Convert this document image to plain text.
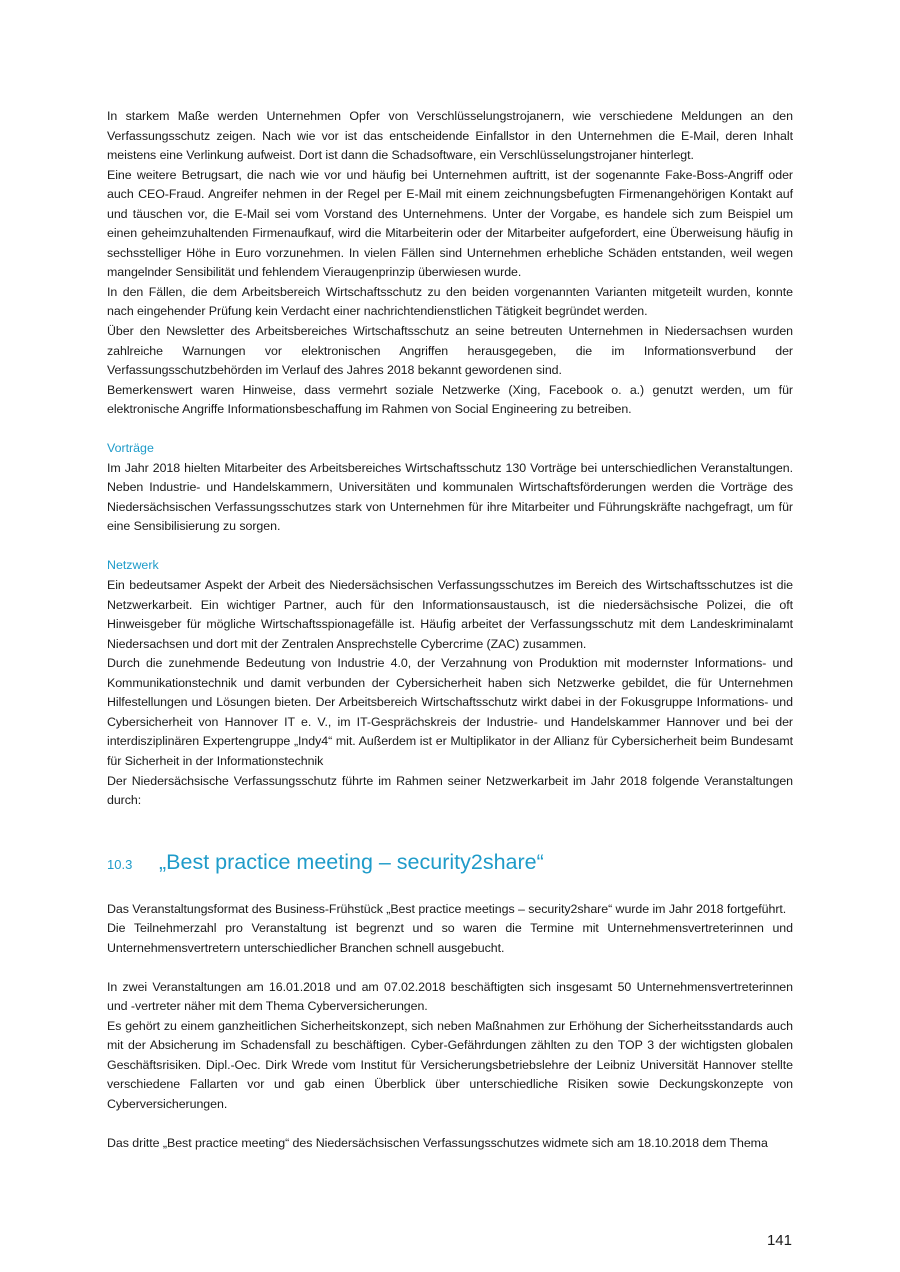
In starkem Maße werden Unternehmen Opfer von Verschlüsselungstrojanern, wie verschiedene Meldungen an den Verfassungsschutz zeigen. Nach wie vor ist das entscheidende Einfallstor in den Unternehmen die E-Mail, deren Inhalt meistens eine Verlinkung aufweist. Dort ist dann die Schadsoftware, ein Verschlüsselungstrojaner hinterlegt.

Eine weitere Betrugsart, die nach wie vor und häufig bei Unternehmen auftritt, ist der sogenannte Fake-Boss-Angriff oder auch CEO-Fraud. Angreifer nehmen in der Regel per E-Mail mit einem zeichnungsbefugten Firmenangehörigen Kontakt auf und täuschen vor, die E-Mail sei vom Vorstand des Unternehmens. Unter der Vorgabe, es handele sich zum Beispiel um einen geheimzuhaltenden Firmenaufkauf, wird die Mitarbeiterin oder der Mitarbeiter aufgefordert, eine Überweisung häufig in sechsstelliger Höhe in Euro vorzunehmen. In vielen Fällen sind Unternehmen erhebliche Schäden entstanden, weil wegen mangelnder Sensibilität und fehlendem Vieraugenprinzip überwiesen wurde.

In den Fällen, die dem Arbeitsbereich Wirtschaftsschutz zu den beiden vorgenannten Varianten mitgeteilt wurden, konnte nach eingehender Prüfung kein Verdacht einer nachrichtendienstlichen Tätigkeit begründet werden.

Über den Newsletter des Arbeitsbereiches Wirtschaftsschutz an seine betreuten Unternehmen in Niedersachsen wurden zahlreiche Warnungen vor elektronischen Angriffen herausgegeben, die im Informationsverbund der Verfassungsschutzbehörden im Verlauf des Jahres 2018 bekannt gewordenen sind.

Bemerkenswert waren Hinweise, dass vermehrt soziale Netzwerke (Xing, Facebook o. a.) genutzt werden, um für elektronische Angriffe Informationsbeschaffung im Rahmen von Social Engineering zu betreiben.

Vorträge

Im Jahr 2018 hielten Mitarbeiter des Arbeitsbereiches Wirtschaftsschutz 130 Vorträge bei unterschiedlichen Veranstaltungen. Neben Industrie- und Handelskammern, Universitäten und kommunalen Wirtschaftsförderungen werden die Vorträge des Niedersächsischen Verfassungsschutzes stark von Unternehmen für ihre Mitarbeiter und Führungskräfte nachgefragt, um für eine Sensibilisierung zu sorgen.

Netzwerk

Ein bedeutsamer Aspekt der Arbeit des Niedersächsischen Verfassungsschutzes im Bereich des Wirtschaftsschutzes ist die Netzwerkarbeit. Ein wichtiger Partner, auch für den Informationsaustausch, ist die niedersächsische Polizei, die oft Hinweisgeber für mögliche Wirtschaftsspionagefälle ist. Häufig arbeitet der Verfassungsschutz mit dem Landeskriminalamt Niedersachsen und dort mit der Zentralen Ansprechstelle Cybercrime (ZAC) zusammen.

Durch die zunehmende Bedeutung von Industrie 4.0, der Verzahnung von Produktion mit modernster Informations- und Kommunikationstechnik und damit verbunden der Cybersicherheit haben sich Netzwerke gebildet, die für Unternehmen Hilfestellungen und Lösungen bieten. Der Arbeitsbereich Wirtschaftsschutz wirkt dabei in der Fokusgruppe Informations- und Cybersicherheit von Hannover IT e. V., im IT-Gesprächskreis der Industrie- und Handelskammer Hannover und bei der interdisziplinären Expertengruppe „Indy4“ mit. Außerdem ist er Multiplikator in der Allianz für Cybersicherheit beim Bundesamt für Sicherheit in der Informationstechnik

Der Niedersächsische Verfassungsschutz führte im Rahmen seiner Netzwerkarbeit im Jahr 2018 folgende Veranstaltungen durch:

10.3	„Best practice meeting – security2share“

Das Veranstaltungsformat des Business-Frühstück „Best practice meetings – security2share“ wurde im Jahr 2018 fortgeführt.

Die Teilnehmerzahl pro Veranstaltung ist begrenzt und so waren die Termine mit Unternehmensvertreterinnen und Unternehmensvertretern unterschiedlicher Branchen schnell ausgebucht.

In zwei Veranstaltungen am 16.01.2018 und am 07.02.2018 beschäftigten sich insgesamt 50 Unternehmensvertreterinnen und -vertreter näher mit dem Thema Cyberversicherungen.

Es gehört zu einem ganzheitlichen Sicherheitskonzept, sich neben Maßnahmen zur Erhöhung der Sicherheitsstandards auch mit der Absicherung im Schadensfall zu beschäftigen. Cyber-Gefährdungen zählten zu den TOP 3 der wichtigsten globalen Geschäftsrisiken. Dipl.-Oec. Dirk Wrede vom Institut für Versicherungsbetriebslehre der Leibniz Universität Hannover stellte verschiedene Fallarten vor und gab einen Überblick über unterschiedliche Risiken sowie Deckungskonzepte von Cyberversicherungen.

Das dritte „Best practice meeting“ des Niedersächsischen Verfassungsschutzes widmete sich am 18.10.2018 dem Thema

141
